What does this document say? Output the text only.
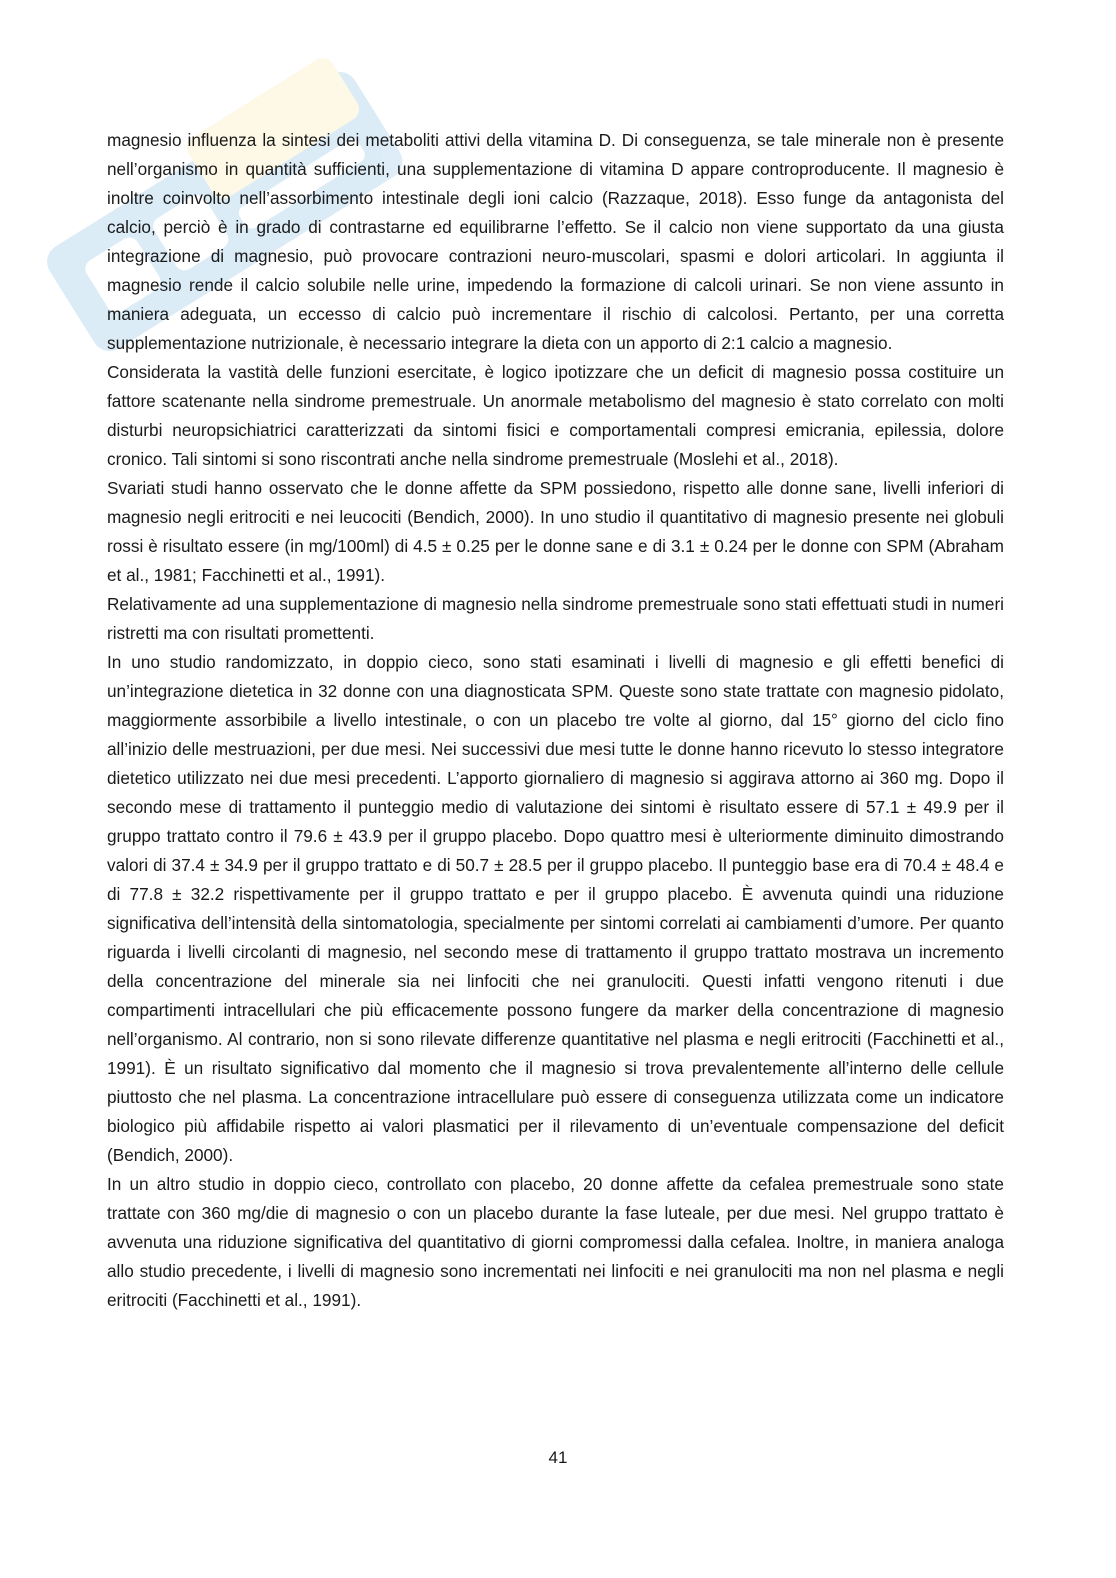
magnesio influenza la sintesi dei metaboliti attivi della vitamina D. Di conseguenza, se tale minerale non è presente nell’organismo in quantità sufficienti, una supplementazione di vitamina D appare controproducente. Il magnesio è inoltre coinvolto nell’assorbimento intestinale degli ioni calcio (Razzaque, 2018). Esso funge da antagonista del calcio, perciò è in grado di contrastarne ed equilibrarne l’effetto. Se il calcio non viene supportato da una giusta integrazione di magnesio, può provocare contrazioni neuro-muscolari, spasmi e dolori articolari. In aggiunta il magnesio rende il calcio solubile nelle urine, impedendo la formazione di calcoli urinari. Se non viene assunto in maniera adeguata, un eccesso di calcio può incrementare il rischio di calcolosi. Pertanto, per una corretta supplementazione nutrizionale, è necessario integrare la dieta con un apporto di 2:1 calcio a magnesio.

Considerata la vastità delle funzioni esercitate, è logico ipotizzare che un deficit di magnesio possa costituire un fattore scatenante nella sindrome premestruale. Un anormale metabolismo del magnesio è stato correlato con molti disturbi neuropsichiatrici caratterizzati da sintomi fisici e comportamentali compresi emicrania, epilessia, dolore cronico. Tali sintomi si sono riscontrati anche nella sindrome premestruale (Moslehi et al., 2018).

Svariati studi hanno osservato che le donne affette da SPM possiedono, rispetto alle donne sane, livelli inferiori di magnesio negli eritrociti e nei leucociti (Bendich, 2000). In uno studio il quantitativo di magnesio presente nei globuli rossi è risultato essere (in mg/100ml) di 4.5 ± 0.25 per le donne sane e di 3.1 ± 0.24 per le donne con SPM (Abraham et al., 1981; Facchinetti et al., 1991).

Relativamente ad una supplementazione di magnesio nella sindrome premestruale sono stati effettuati studi in numeri ristretti ma con risultati promettenti.

In uno studio randomizzato, in doppio cieco, sono stati esaminati i livelli di magnesio e gli effetti benefici di un’integrazione dietetica in 32 donne con una diagnosticata SPM. Queste sono state trattate con magnesio pidolato, maggiormente assorbibile a livello intestinale, o con un placebo tre volte al giorno, dal 15° giorno del ciclo fino all’inizio delle mestruazioni, per due mesi. Nei successivi due mesi tutte le donne hanno ricevuto lo stesso integratore dietetico utilizzato nei due mesi precedenti. L’apporto giornaliero di magnesio si aggirava attorno ai 360 mg. Dopo il secondo mese di trattamento il punteggio medio di valutazione dei sintomi è risultato essere di 57.1 ± 49.9 per il gruppo trattato contro il 79.6 ± 43.9 per il gruppo placebo. Dopo quattro mesi è ulteriormente diminuito dimostrando valori di 37.4 ± 34.9 per il gruppo trattato e di 50.7 ± 28.5 per il gruppo placebo. Il punteggio base era di 70.4 ± 48.4 e di 77.8 ± 32.2 rispettivamente per il gruppo trattato e per il gruppo placebo. È avvenuta quindi una riduzione significativa dell’intensità della sintomatologia, specialmente per sintomi correlati ai cambiamenti d’umore. Per quanto riguarda i livelli circolanti di magnesio, nel secondo mese di trattamento il gruppo trattato mostrava un incremento della concentrazione del minerale sia nei linfociti che nei granulociti. Questi infatti vengono ritenuti i due compartimenti intracellulari che più efficacemente possono fungere da marker della concentrazione di magnesio nell’organismo. Al contrario, non si sono rilevate differenze quantitative nel plasma e negli eritrociti (Facchinetti et al., 1991). È un risultato significativo dal momento che il magnesio si trova prevalentemente all’interno delle cellule piuttosto che nel plasma. La concentrazione intracellulare può essere di conseguenza utilizzata come un indicatore biologico più affidabile rispetto ai valori plasmatici per il rilevamento di un’eventuale compensazione del deficit (Bendich, 2000).

In un altro studio in doppio cieco, controllato con placebo, 20 donne affette da cefalea premestruale sono state trattate con 360 mg/die di magnesio o con un placebo durante la fase luteale, per due mesi. Nel gruppo trattato è avvenuta una riduzione significativa del quantitativo di giorni compromessi dalla cefalea. Inoltre, in maniera analoga allo studio precedente, i livelli di magnesio sono incrementati nei linfociti e nei granulociti ma non nel plasma e negli eritrociti (Facchinetti et al., 1991).

41
